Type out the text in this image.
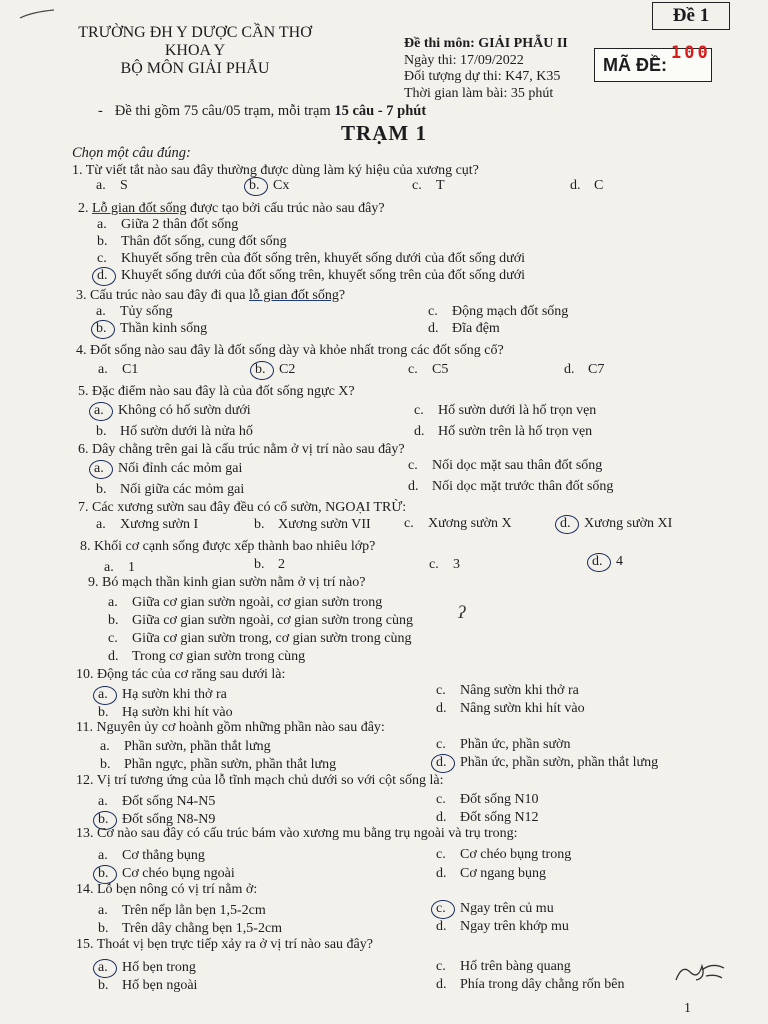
Đề 1
TRƯỜNG ĐH Y DƯỢC CẦN THƠ
KHOA Y
BỘ MÔN GIẢI PHẪU
Đề thi môn: GIẢI PHẪU II
Ngày thi: 17/09/2022
Đối tượng dự thi: K47, K35
Thời gian làm bài: 35 phút
MÃ ĐỀ:
100
- Đề thi gồm 75 câu/05 trạm, mỗi trạm 15 câu - 7 phút
TRẠM 1
Chọn một câu đúng:
1. Từ viết tắt nào sau đây thường được dùng làm ký hiệu của xương cụt?
a. S	b. Cx	c. T	d. C
2. Lỗ gian đốt sống được tạo bởi cấu trúc nào sau đây?
a. Giữa 2 thân đốt sống
b. Thân đốt sống, cung đốt sống
c. Khuyết sống trên của đốt sống trên, khuyết sống dưới của đốt sống dưới
d. Khuyết sống dưới của đốt sống trên, khuyết sống trên của đốt sống dưới
3. Cấu trúc nào sau đây đi qua lỗ gian đốt sống?
a. Tủy sống
b. Thần kinh sống
c. Động mạch đốt sống
d. Đĩa đệm
4. Đốt sống nào sau đây là đốt sống dày và khỏe nhất trong các đốt sống cổ?
a. C1	b. C2	c. C5	d. C7
5. Đặc điểm nào sau đây là của đốt sống ngực X?
a. Không có hố sườn dưới
b. Hố sườn dưới là nửa hố
c. Hố sườn dưới là hố trọn vẹn
d. Hố sườn trên là hố trọn vẹn
6. Dây chằng trên gai là cấu trúc nằm ở vị trí nào sau đây?
a. Nối đỉnh các mỏm gai
b. Nối giữa các mỏm gai
c. Nối dọc mặt sau thân đốt sống
d. Nối dọc mặt trước thân đốt sống
7. Các xương sườn sau đây đều có cổ sườn, NGOẠI TRỪ:
a. Xương sườn I	b. Xương sườn VII c. Xương sườn X	d. Xương sườn XI
8. Khối cơ cạnh sống được xếp thành bao nhiêu lớp?
a. 1	b. 2	c. 3	d. 4
9. Bó mạch thần kinh gian sườn nằm ở vị trí nào?
a. Giữa cơ gian sườn ngoài, cơ gian sườn trong
b. Giữa cơ gian sườn ngoài, cơ gian sườn trong cùng
c. Giữa cơ gian sườn trong, cơ gian sườn trong cùng
d. Trong cơ gian sườn trong cùng
10. Động tác của cơ răng sau dưới là:
a. Hạ sườn khi thở ra
b. Hạ sườn khi hít vào
c. Nâng sườn khi thở ra
d. Nâng sườn khi hít vào
11. Nguyên ủy cơ hoành gồm những phần nào sau đây:
a. Phần sườn, phần thắt lưng
b. Phần ngực, phần sườn, phần thắt lưng
c. Phần ức, phần sườn
d. Phần ức, phần sườn, phần thắt lưng
12. Vị trí tương ứng của lỗ tĩnh mạch chủ dưới so với cột sống là:
a. Đốt sống N4-N5
b. Đốt sống N8-N9
c. Đốt sống N10
d. Đốt sống N12
13. Cơ nào sau đây có cấu trúc bám vào xương mu bằng trụ ngoài và trụ trong:
a. Cơ thẳng bụng
b. Cơ chéo bụng ngoài
c. Cơ chéo bụng trong
d. Cơ ngang bụng
14. Lỗ bẹn nông có vị trí nằm ở:
a. Trên nếp lằn bẹn 1,5-2cm
b. Trên dây chằng bẹn 1,5-2cm
c. Ngay trên củ mu
d. Ngay trên khớp mu
15. Thoát vị bẹn trực tiếp xảy ra ở vị trí nào sau đây?
a. Hố bẹn trong
b. Hố bẹn ngoài
c. Hố trên bàng quang
d. Phía trong dây chằng rốn bên
ʔ
1
